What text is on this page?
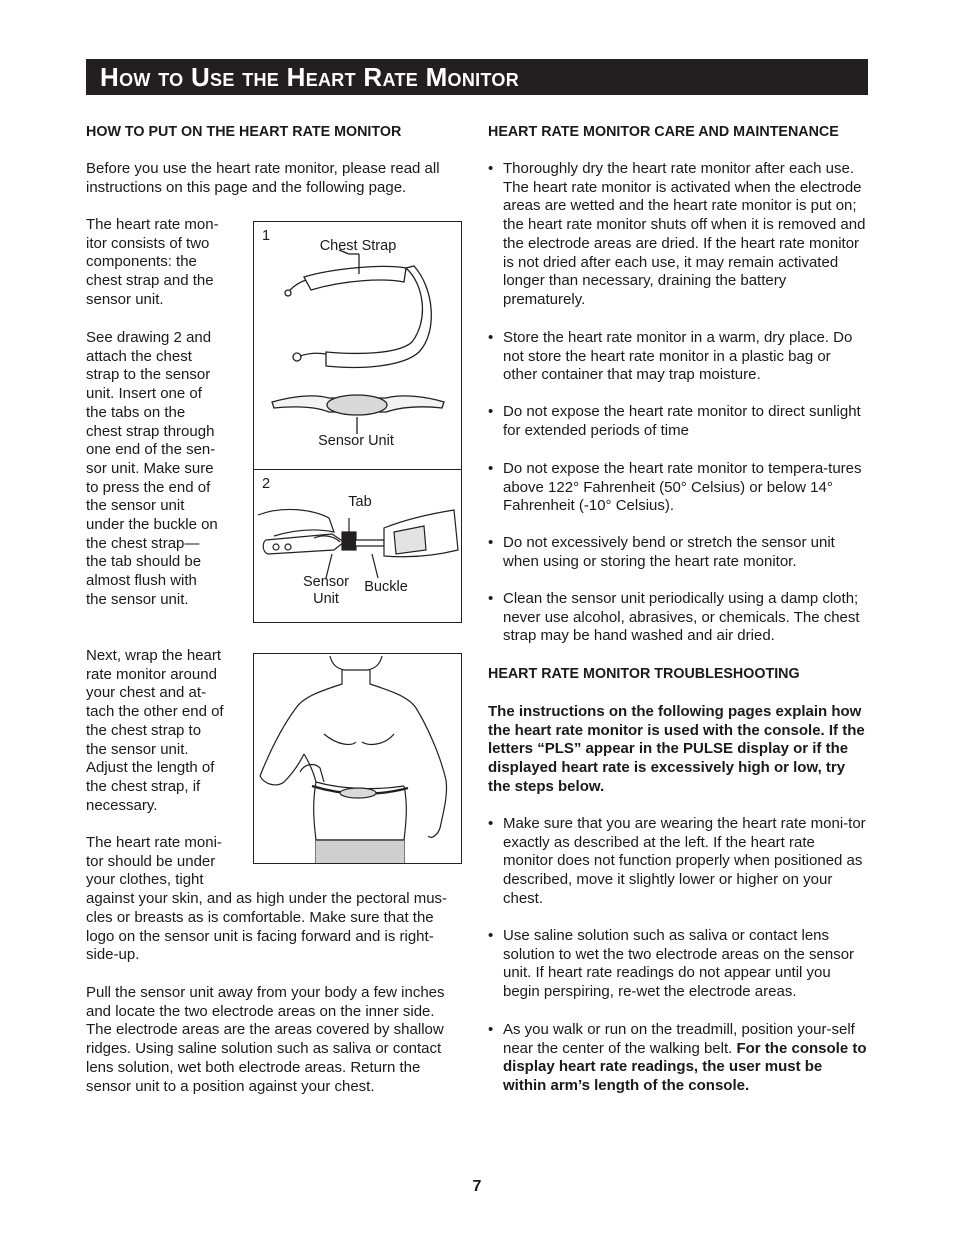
How to Use the Heart Rate Monitor
HOW TO PUT ON THE HEART RATE MONITOR
Before you use the heart rate monitor, please read all instructions on this page and the following page.
The heart rate mon-
itor consists of two
components: the
chest strap and the
sensor unit.
See drawing 2 and
attach the chest
strap to the sensor
unit. Insert one of
the tabs on the
chest strap through
one end of the sen-
sor unit. Make sure
to press the end of
the sensor unit
under the buckle on
the chest strap—
the tab should be
almost flush with
the sensor unit.
Next, wrap the heart
rate monitor around
your chest and at-
tach the other end of
the chest strap to
the sensor unit.
Adjust the length of
the chest strap, if
necessary.
The heart rate moni-
tor should be under
your clothes, tight
against your skin, and as high under the pectoral mus-
cles or breasts as is comfortable. Make sure that the
logo on the sensor unit is facing forward and is right-
side-up.
Pull the sensor unit away from your body a few inches and locate the two electrode areas on the inner side. The electrode areas are the areas covered by shallow ridges. Using saline solution such as saliva or contact lens solution, wet both electrode areas. Return the sensor unit to a position against your chest.
1
Chest Strap
Sensor Unit
2
Tab
Sensor
Unit
Buckle
HEART RATE MONITOR CARE AND MAINTENANCE
• Thoroughly dry the heart rate monitor after each use. The heart rate monitor is activated when the electrode areas are wetted and the heart rate monitor is put on; the heart rate monitor shuts off when it is removed and the electrode areas are dried. If the heart rate monitor is not dried after each use, it may remain activated longer than necessary, draining the battery prematurely.
• Store the heart rate monitor in a warm, dry place. Do not store the heart rate monitor in a plastic bag or other container that may trap moisture.
• Do not expose the heart rate monitor to direct sunlight for extended periods of time
• Do not expose the heart rate monitor to tempera-tures above 122° Fahrenheit (50° Celsius) or below 14° Fahrenheit (-10° Celsius).
• Do not excessively bend or stretch the sensor unit when using or storing the heart rate monitor.
• Clean the sensor unit periodically using a damp cloth; never use alcohol, abrasives, or chemicals. The chest strap may be hand washed and air dried.
HEART RATE MONITOR TROUBLESHOOTING
The instructions on the following pages explain how the heart rate monitor is used with the console. If the letters “PLS” appear in the PULSE display or if the displayed heart rate is excessively high or low, try the steps below.
• Make sure that you are wearing the heart rate moni-tor exactly as described at the left. If the heart rate monitor does not function properly when positioned as described, move it slightly lower or higher on your chest.
• Use saline solution such as saliva or contact lens solution to wet the two electrode areas on the sensor unit. If heart rate readings do not appear until you begin perspiring, re-wet the electrode areas.
• As you walk or run on the treadmill, position your-self near the center of the walking belt. For the console to display heart rate readings, the user must be within arm’s length of the console.
7
